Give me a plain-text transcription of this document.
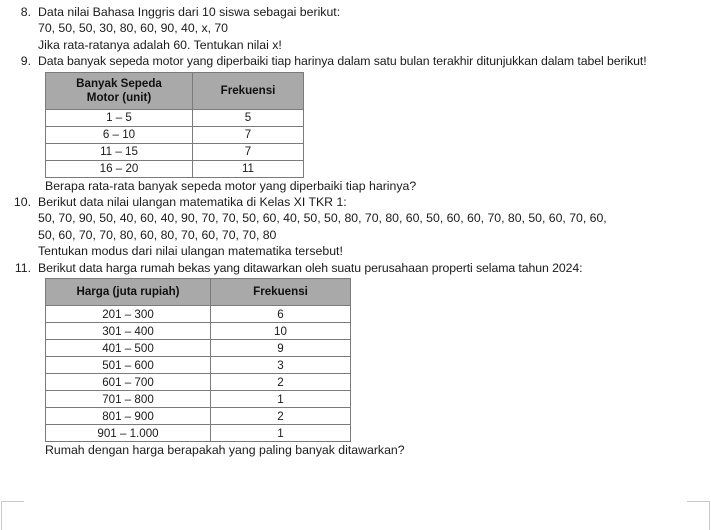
8. Data nilai Bahasa Inggris dari 10 siswa sebagai berikut:
70, 50, 50, 30, 80, 60, 90, 40, x, 70
Jika rata-ratanya adalah 60. Tentukan nilai x!
9. Data banyak sepeda motor yang diperbaiki tiap harinya dalam satu bulan terakhir ditunjukkan dalam tabel berikut!
Banyak Sepeda
Motor (unit)	Frekuensi
1 – 5	5
6 – 10	7
11 – 15	7
16 – 20	11
Berapa rata-rata banyak sepeda motor yang diperbaiki tiap harinya?
10. Berikut data nilai ulangan matematika di Kelas XI TKR 1:
50, 70, 90, 50, 40, 60, 40, 90, 70, 70, 50, 60, 40, 50, 50, 80, 70, 80, 60, 50, 60, 60, 70, 80, 50, 60, 70, 60,
50, 60, 70, 70, 80, 60, 80, 70, 60, 70, 70, 80
Tentukan modus dari nilai ulangan matematika tersebut!
11. Berikut data harga rumah bekas yang ditawarkan oleh suatu perusahaan properti selama tahun 2024:
Harga (juta rupiah)	Frekuensi
201 – 300	6
301 – 400	10
401 – 500	9
501 – 600	3
601 – 700	2
701 – 800	1
801 – 900	2
901 – 1.000	1
Rumah dengan harga berapakah yang paling banyak ditawarkan?
